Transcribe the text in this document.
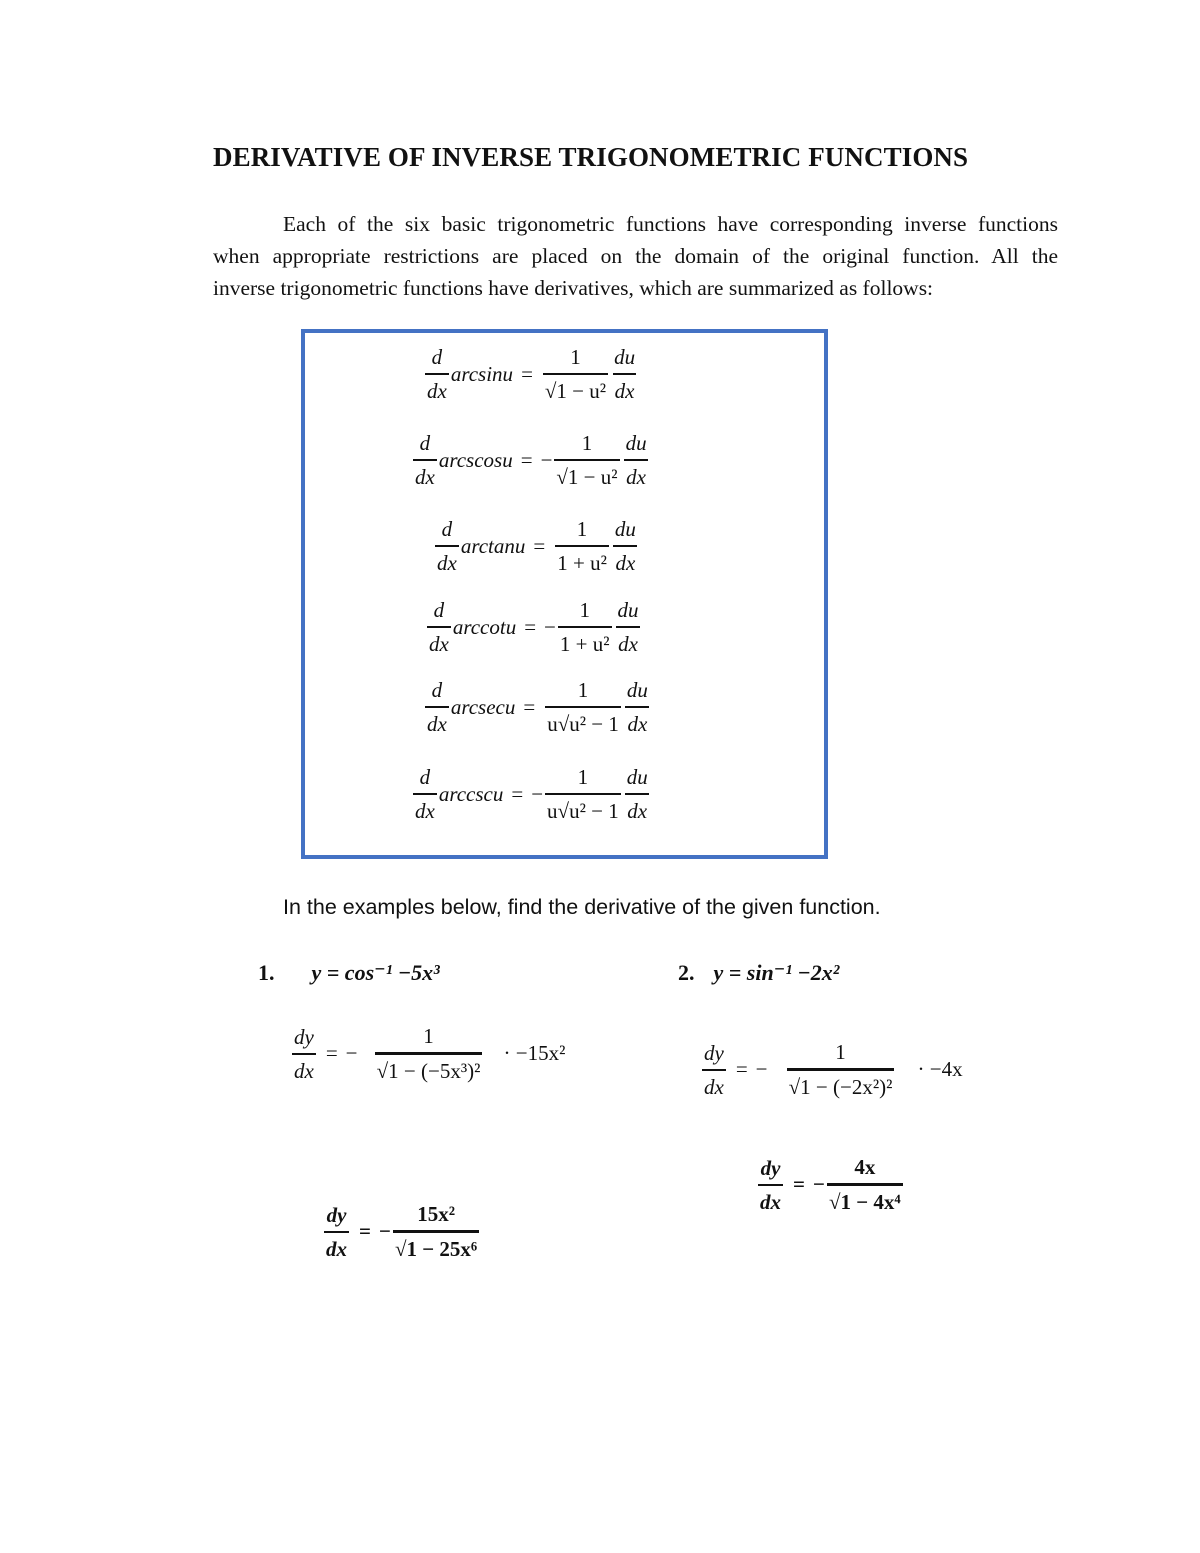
DERIVATIVE OF INVERSE TRIGONOMETRIC FUNCTIONS
Each of the six basic trigonometric functions have corresponding inverse functions
when appropriate restrictions are placed on the domain of the original function. All the
inverse trigonometric functions have derivatives, which are summarized as follows:
$\frac{d}{dx}$ $\arcsin u = \frac{1}{\text{√1 − u²}} \frac{du}{dx}$
$\frac{d}{dx}$ arcscosu = − $\frac{1}{\text{√1 − u²}} \frac{du}{dx}$
$\frac{d}{dx}$ $\arctan u = \frac{1}{\text{1 + u²}} \frac{du}{dx}$
$\frac{d}{dx}$ arccotu = − $\frac{1}{\text{1 + u²}} \frac{du}{dx}$
$\frac{d}{dx}$ $arcsecu = \frac{1}{\text{u√u² − 1}} \frac{du}{dx}$
$\frac{d}{dx}$ arccscu = − $\frac{1}{\text{u√u² − 1}} \frac{du}{dx}$
In the examples below, find the derivative of the given function.
1. y = cos⁻¹ −5x³
$\frac{dy}{dx}$ = − $\frac{1}{\text{√1 − (−5x³)²}} \cdot -15x^2$
$\frac{dy}{dx}$ = − $\frac{\text{15x²}}{\text{√1 − 25x⁶}}$
2. y = sin⁻¹ −2x²
$\frac{dy}{dx}$ = − $\frac{1}{\text{√1 − (−2x²)²}} \cdot -4x$
$\frac{dy}{dx}$ = − $\frac{4x}{\text{√1 − 4x⁴}}$
